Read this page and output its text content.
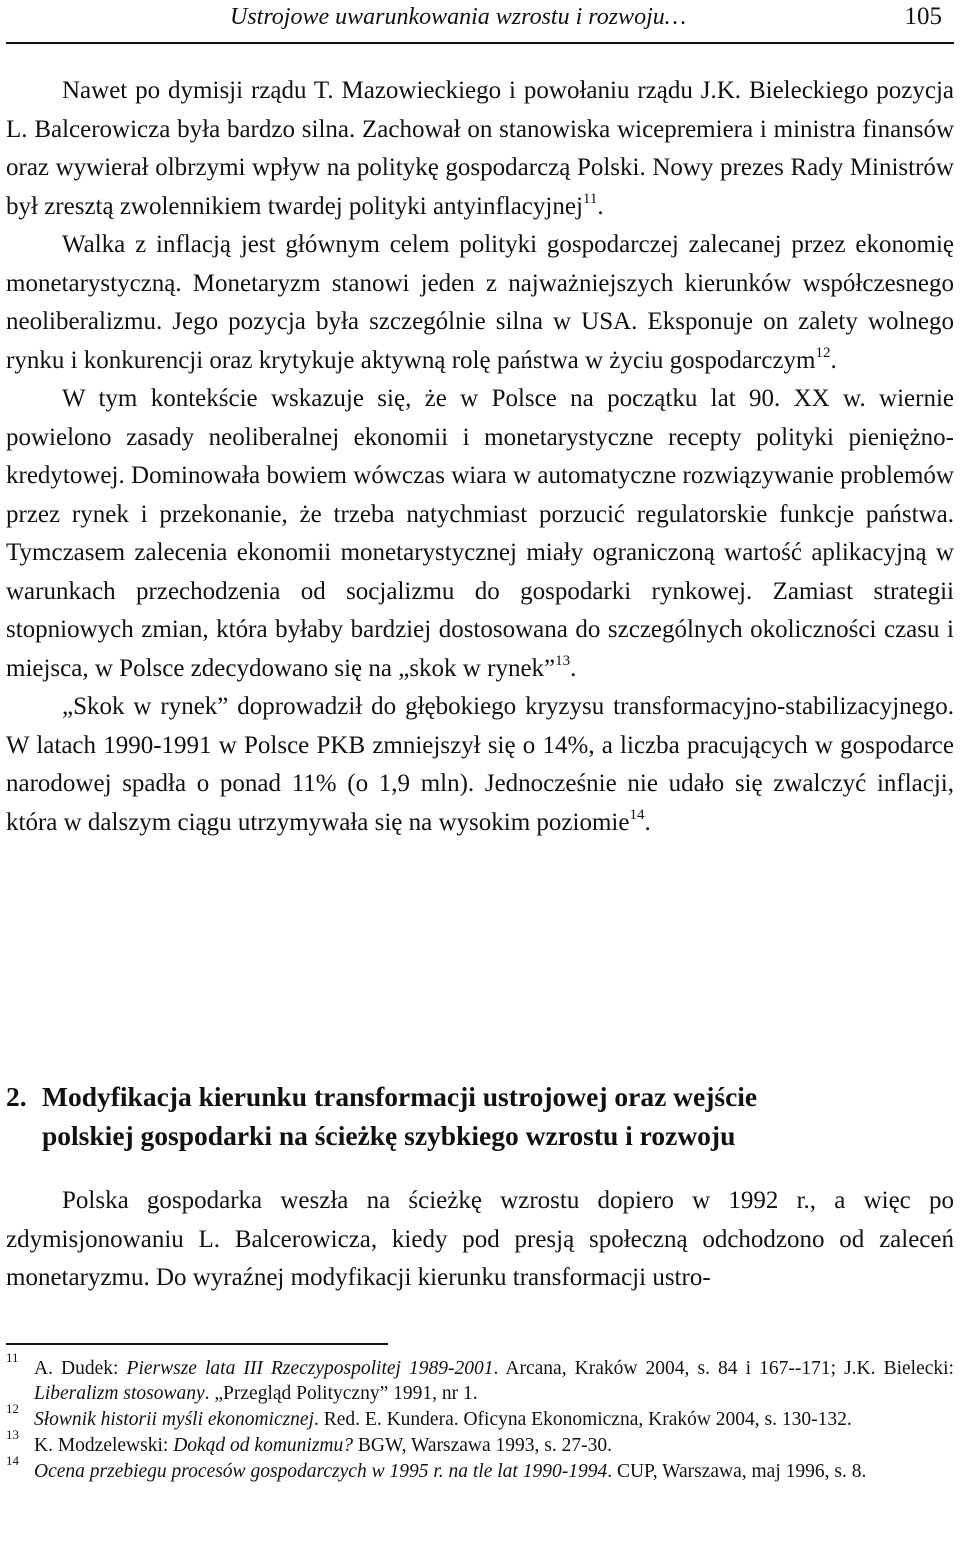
Ustrojowe uwarunkowania wzrostu i rozwoju…	105

Nawet po dymisji rządu T. Mazowieckiego i powołaniu rządu J.K. Bieleckiego pozycja L. Balcerowicza była bardzo silna. Zachował on stanowiska wicepremiera i ministra finansów oraz wywierał olbrzymi wpływ na politykę gospodarczą Polski. Nowy prezes Rady Ministrów był zresztą zwolennikiem twardej polityki antyinflacyjnej$^{11}$.

Walka z inflacją jest głównym celem polityki gospodarczej zalecanej przez ekonomię monetarystyczną. Monetaryzm stanowi jeden z najważniejszych kierunków współczesnego neoliberalizmu. Jego pozycja była szczególnie silna w USA. Eksponuje on zalety wolnego rynku i konkurencji oraz krytykuje aktywną rolę państwa w życiu gospodarczym$^{12}$.

W tym kontekście wskazuje się, że w Polsce na początku lat 90. XX w. wiernie powielono zasady neoliberalnej ekonomii i monetarystyczne recepty polityki pieniężno-kredytowej. Dominowała bowiem wówczas wiara w automatyczne rozwiązywanie problemów przez rynek i przekonanie, że trzeba natychmiast porzucić regulatorskie funkcje państwa. Tymczasem zalecenia ekonomii monetarystycznej miały ograniczoną wartość aplikacyjną w warunkach przechodzenia od socjalizmu do gospodarki rynkowej. Zamiast strategii stopniowych zmian, która byłaby bardziej dostosowana do szczególnych okoliczności czasu i miejsca, w Polsce zdecydowano się na „skok w rynek”$^{13}$.

„Skok w rynek” doprowadził do głębokiego kryzysu transformacyjno-stabilizacyjnego. W latach 1990-1991 w Polsce PKB zmniejszył się o 14%, a liczba pracujących w gospodarce narodowej spadła o ponad 11% (o 1,9 mln). Jednocześnie nie udało się zwalczyć inflacji, która w dalszym ciągu utrzymywała się na wysokim poziomie$^{14}$.

2. Modyfikacja kierunku transformacji ustrojowej oraz wejście
polskiej gospodarki na ścieżkę szybkiego wzrostu i rozwoju

Polska gospodarka weszła na ścieżkę wzrostu dopiero w 1992 r., a więc po zdymisjonowaniu L. Balcerowicza, kiedy pod presją społeczną odchodzono od zaleceń monetaryzmu. Do wyraźnej modyfikacji kierunku transformacji ustro-

11
A. Dudek: Pierwsze lata III Rzeczypospolitej 1989-2001. Arcana, Kraków 2004, s. 84 i 167--171; J.K. Bielecki: Liberalizm stosowany. „Przegląd Polityczny” 1991, nr 1.
12
Słownik historii myśli ekonomicznej. Red. E. Kundera. Oficyna Ekonomiczna, Kraków 2004, s. 130-132.
13
K. Modzelewski: Dokąd od komunizmu? BGW, Warszawa 1993, s. 27-30.
14
Ocena przebiegu procesów gospodarczych w 1995 r. na tle lat 1990-1994. CUP, Warszawa, maj 1996, s. 8.
